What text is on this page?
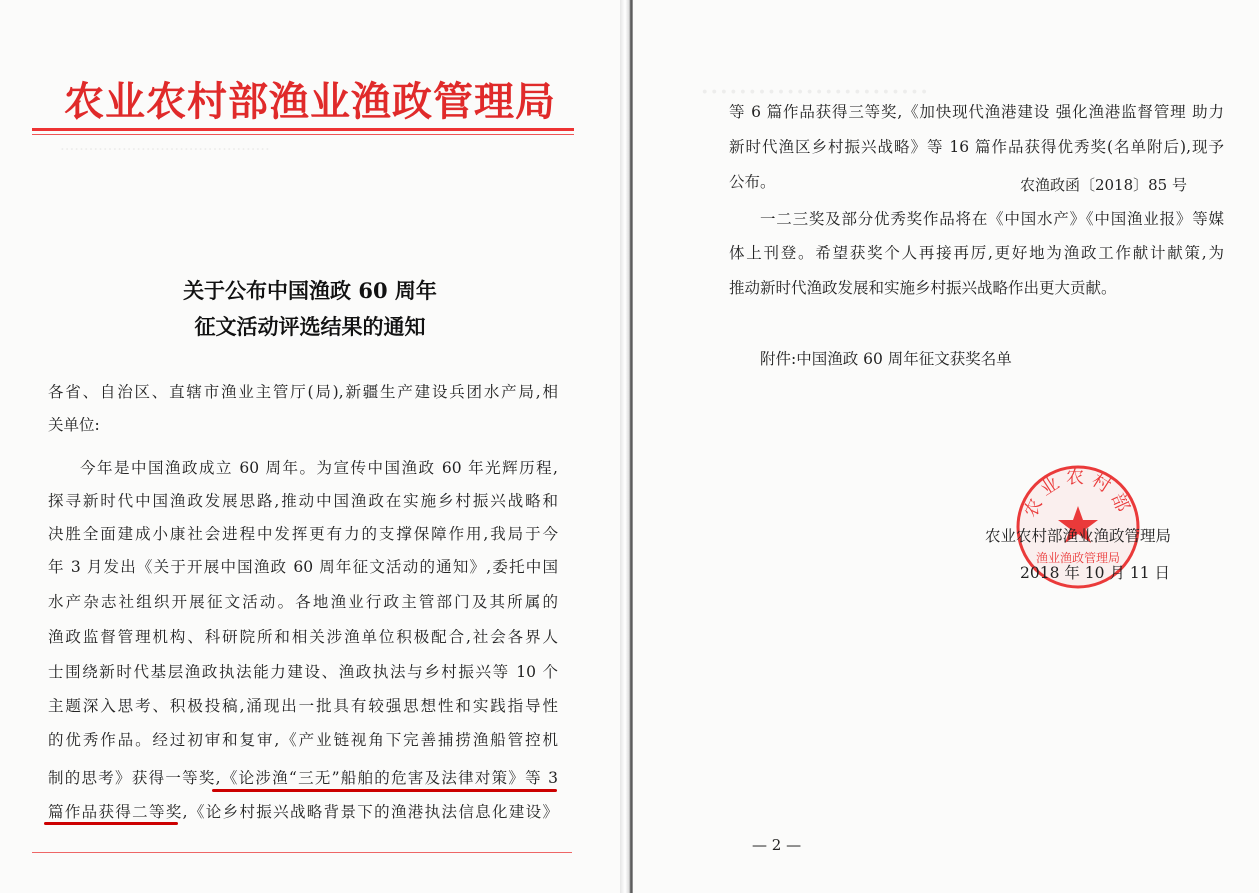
············································
························
农业农村部渔业渔政管理局
农渔政函〔2018〕85 号
关于公布中国渔政 60 周年
征文活动评选结果的通知
各省、自治区、直辖市渔业主管厅(局),新疆生产建设兵团水产局,相
关单位:
今年是中国渔政成立 60 周年。为宣传中国渔政 60 年光辉历程,
探寻新时代中国渔政发展思路,推动中国渔政在实施乡村振兴战略和
决胜全面建成小康社会进程中发挥更有力的支撑保障作用,我局于今
年 3 月发出《关于开展中国渔政 60 周年征文活动的通知》,委托中国
水产杂志社组织开展征文活动。各地渔业行政主管部门及其所属的
渔政监督管理机构、科研院所和相关涉渔单位积极配合,社会各界人
士围绕新时代基层渔政执法能力建设、渔政执法与乡村振兴等 10 个
主题深入思考、积极投稿,涌现出一批具有较强思想性和实践指导性
的优秀作品。经过初审和复审,《产业链视角下完善捕捞渔船管控机
制的思考》获得一等奖,《论涉渔“三无”船舶的危害及法律对策》等 3
篇作品获得二等奖,《论乡村振兴战略背景下的渔港执法信息化建设》
等 6 篇作品获得三等奖,《加快现代渔港建设 强化渔港监督管理 助力
新时代渔区乡村振兴战略》等 16 篇作品获得优秀奖(名单附后),现予
公布。
一二三奖及部分优秀奖作品将在《中国水产》《中国渔业报》等媒
体上刊登。希望获奖个人再接再厉,更好地为渔政工作献计献策,为
推动新时代渔政发展和实施乡村振兴战略作出更大贡献。
附件:中国渔政 60 周年征文获奖名单
农业农村部
渔业渔政管理局
农业农村部渔业渔政管理局
2018 年 10 月 11 日
— 2 —
